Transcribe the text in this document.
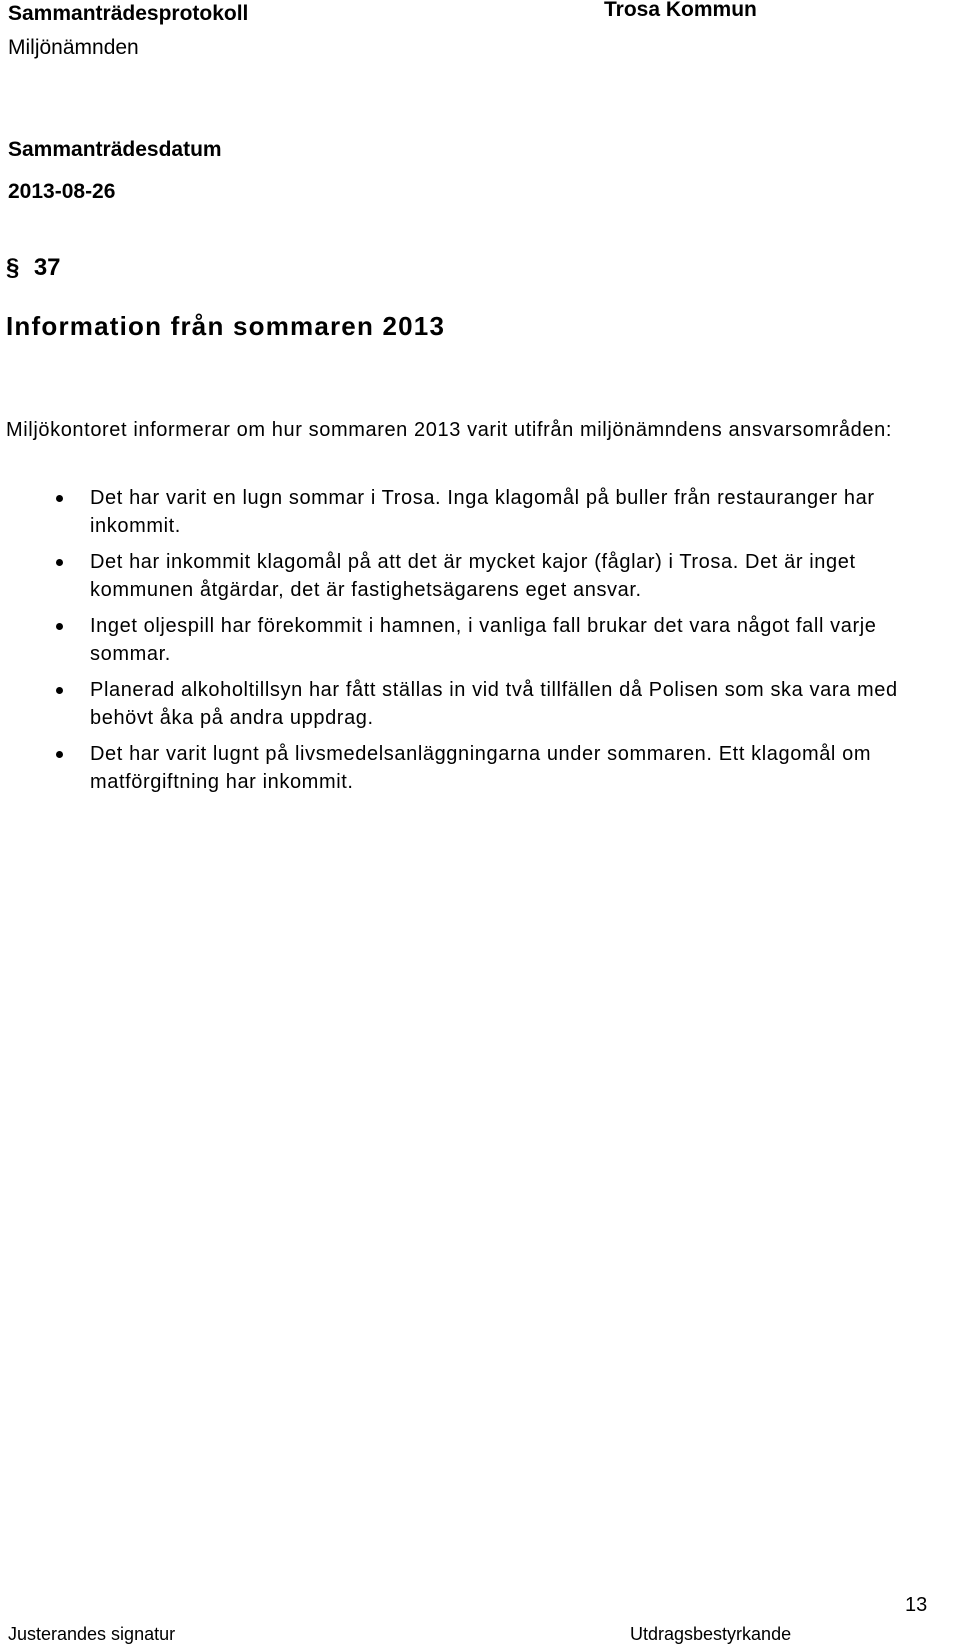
Sammanträdesprotokoll
Miljönämnden
Trosa Kommun
Sammanträdesdatum
2013-08-26
§ 37
Information från sommaren 2013
Miljökontoret informerar om hur sommaren 2013 varit utifrån miljönämndens ansvarsområden:
Det har varit en lugn sommar i Trosa. Inga klagomål på buller från restauranger har inkommit.
Det har inkommit klagomål på att det är mycket kajor (fåglar) i Trosa. Det är inget kommunen åtgärdar, det är fastighetsägarens eget ansvar.
Inget oljespill har förekommit i hamnen, i vanliga fall brukar det vara något fall varje sommar.
Planerad alkoholtillsyn har fått ställas in vid två tillfällen då Polisen som ska vara med behövt åka på andra uppdrag.
Det har varit lugnt på livsmedelsanläggningarna under sommaren. Ett klagomål om matförgiftning har inkommit.
Justerandes signatur	Utdragsbestyrkande
13
